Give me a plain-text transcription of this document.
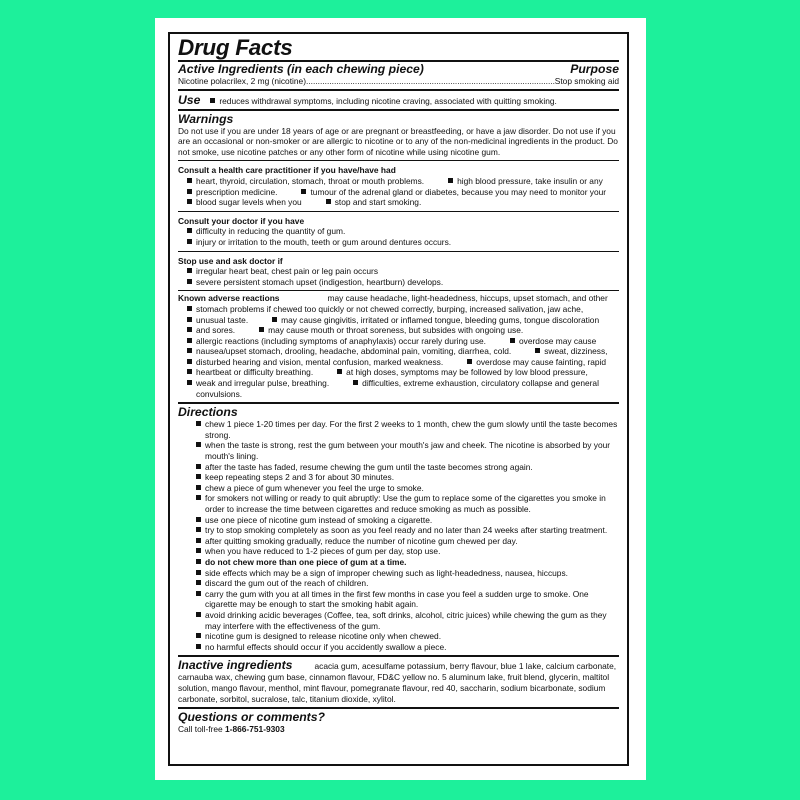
Drug Facts
Active Ingredients (in each chewing piece)	Purpose
Nicotine polacrilex, 2 mg (nicotine)
.....	Stop smoking aid
Use	reduces withdrawal symptoms, including nicotine craving, associated with quitting smoking.
Warnings
Do not use if you are under 18 years of age or are pregnant or breastfeeding, or have a jaw disorder. Do not use if you are an occasional or non-smoker or are allergic to nicotine or to any of the non-medicinal ingredients in the product. Do not smoke, use nicotine patches or any other form of nicotine while using nicotine gum.
Consult a health care practitioner if you have/have had
heart, thyroid, circulation, stomach, throat or mouth problems.	high blood pressure, take insulin or any
prescription medicine.	tumour of the adrenal gland or diabetes, because you may need to monitor your
blood sugar levels when you	stop and start smoking.
Consult your doctor if you have
difficulty in reducing the quantity of gum.
injury or irritation to the mouth, teeth or gum around dentures occurs.
Stop use and ask doctor if
irregular heart beat, chest pain or leg pain occurs
severe persistent stomach upset (indigestion, heartburn) develops.
Known adverse reactions	may cause headache, light-headedness, hiccups, upset stomach, and other
stomach problems if chewed too quickly or not chewed correctly, burping, increased salivation, jaw ache,
unusual taste.	may cause gingivitis, irritated or inflamed tongue, bleeding gums, tongue discoloration
and sores.	may cause mouth or throat soreness, but subsides with ongoing use.
allergic reactions (including symptoms of anaphylaxis) occur rarely during use.	overdose may cause
nausea/upset stomach, drooling, headache, abdominal pain, vomiting, diarrhea, cold.	sweat, dizziness,
disturbed hearing and vision, mental confusion, marked weakness.	overdose may cause fainting, rapid
heartbeat or difficulty breathing.	at high doses, symptoms may be followed by low blood pressure,
weak and irregular pulse, breathing.	difficulties, extreme exhaustion, circulatory collapse and general
convulsions.
Directions
chew 1 piece 1-20 times per day. For the first 2 weeks to 1 month, chew the gum slowly until the taste becomes strong.
when the taste is strong, rest the gum between your mouth's jaw and cheek. The nicotine is absorbed by your mouth's lining.
after the taste has faded, resume chewing the gum until the taste becomes strong again.
keep repeating steps 2 and 3 for about 30 minutes.
chew a piece of gum whenever you feel the urge to smoke.
for smokers not willing or ready to quit abruptly: Use the gum to replace some of the cigarettes you smoke in order to increase the time between cigarettes and reduce smoking as much as possible.
use one piece of nicotine gum instead of smoking a cigarette.
try to stop smoking completely as soon as you feel ready and no later than 24 weeks after starting treatment.
after quitting smoking gradually, reduce the number of nicotine gum chewed per day.
when you have reduced to 1-2 pieces of gum per day, stop use.
do not chew more than one piece of gum at a time.
side effects which may be a sign of improper chewing such as light-headedness, nausea, hiccups.
discard the gum out of the reach of children.
carry the gum with you at all times in the first few months in case you feel a sudden urge to smoke. One cigarette may be enough to start the smoking habit again.
avoid drinking acidic beverages (Coffee, tea, soft drinks, alcohol, citric juices) while chewing the gum as they may interfere with the effectiveness of the gum.
nicotine gum is designed to release nicotine only when chewed.
no harmful effects should occur if you accidently swallow a piece.
Inactive ingredients	acacia gum, acesulfame potassium, berry flavour, blue 1 lake, calcium carbonate, carnauba wax, chewing gum base, cinnamon flavour, FD&C yellow no. 5 aluminum lake, fruit blend, glycerin, maltitol solution, mango flavour, menthol, mint flavour, pomegranate flavour, red 40, saccharin, sodium bicarbonate, sodium carbonate, sorbitol, sucralose, talc, titanium dioxide, xylitol.
Questions or comments?
Call toll-free 1-866-751-9303
